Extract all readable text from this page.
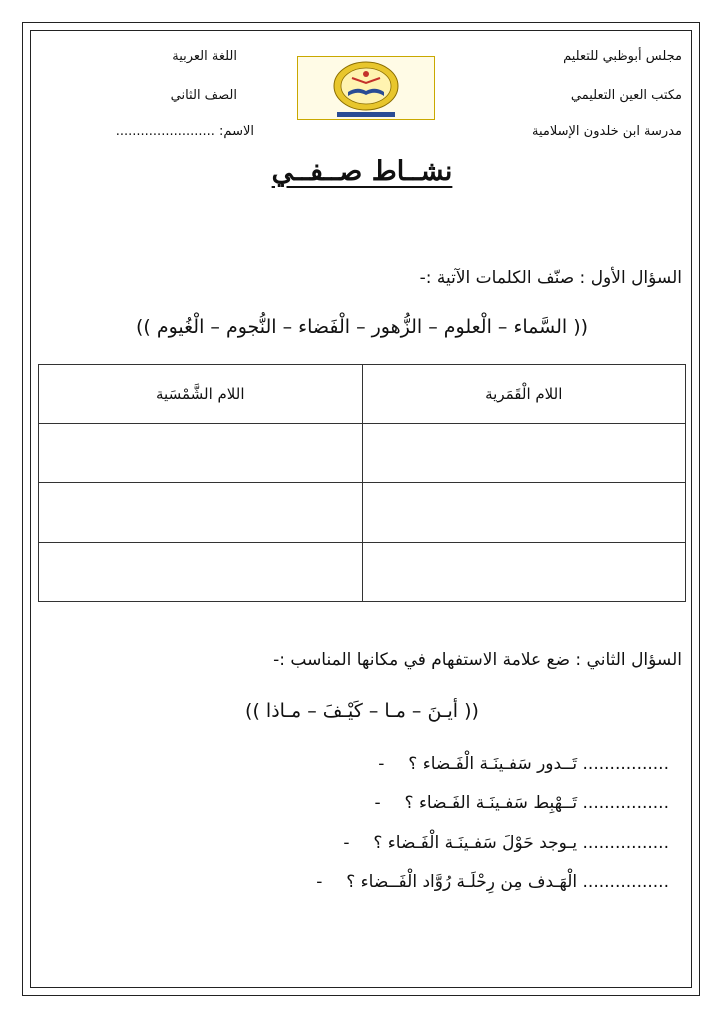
مجلس أبوظبي للتعليم
مكتب العين التعليمي
مدرسة ابن خلدون الإسلامية
اللغة العربية
الصف الثاني
الاسم: ........................
نشــاط صــفــي
السؤال الأول : صنّف الكلمات الآتية :-
(( السَّماء – الْعلوم – الزُّهور – الْفَضاء – النُّجوم – الْغُيوم ))
اللام الْقَمَرية	اللام الشَّمْسَية

السؤال الثاني : ضع علامة الاستفهام في مكانها المناسب :-
(( أيـنَ – مـا – كَيْـفَ – مـاذا ))
................ تَــدور سَفـينَـة الْفَـضاء ؟-
................ تَــهْبِط سَفـينَـة الفَـضاء ؟-
................ يـوجد حَوْلَ سَفـينَـة الْفَـضاء ؟-
................ الْهَـدف مِن رِحْلَـة رُوَّاد الْفَــضاء ؟-
